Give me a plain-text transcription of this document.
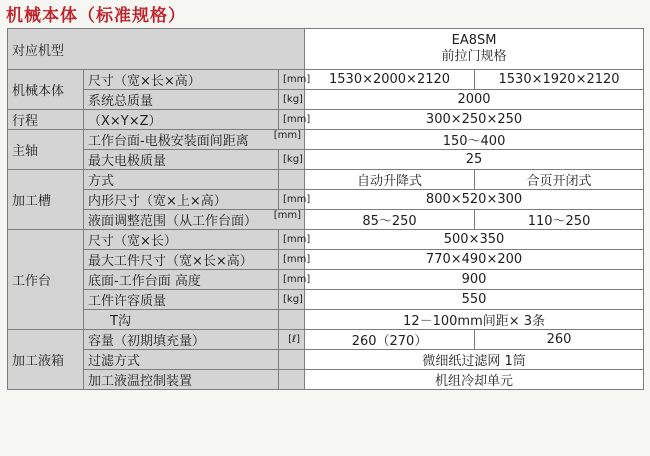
机械本体（标准规格）
对应机型			EA8SM
前拉门规格	

机械本体	尺寸（宽×长×高）	[mm]	1530×2000×2120	1530×1920×2120
	系统总质量	[kg]	2000	
行程	（X×Y×Z）	[mm]	300×250×250	
主轴	工作台面-电极安装面间距离 [mm]		150～400	
	最大电极质量	[kg]	25	
加工槽	方式		自动升降式	合页开闭式
	内形尺寸（宽×上×高）	[mm]	800×520×300	

	液面调整范围（从工作台面） [mm]		85～250	110～250
工作台	尺寸（宽×长）	[mm]	500×350	
	最大工件尺寸（宽×长×高）	[mm]	770×490×200	
	底面-工作台面 高度	[mm]	900	
	工件许容质量	[kg]	550	
	T沟		12－100mm间距× 3条	
加工液箱	容量（初期填充量）	[ℓ]	260（270）	260
	过滤方式		微细纸过滤网 1筒	
	加工液温控制装置		机组冷却单元	
